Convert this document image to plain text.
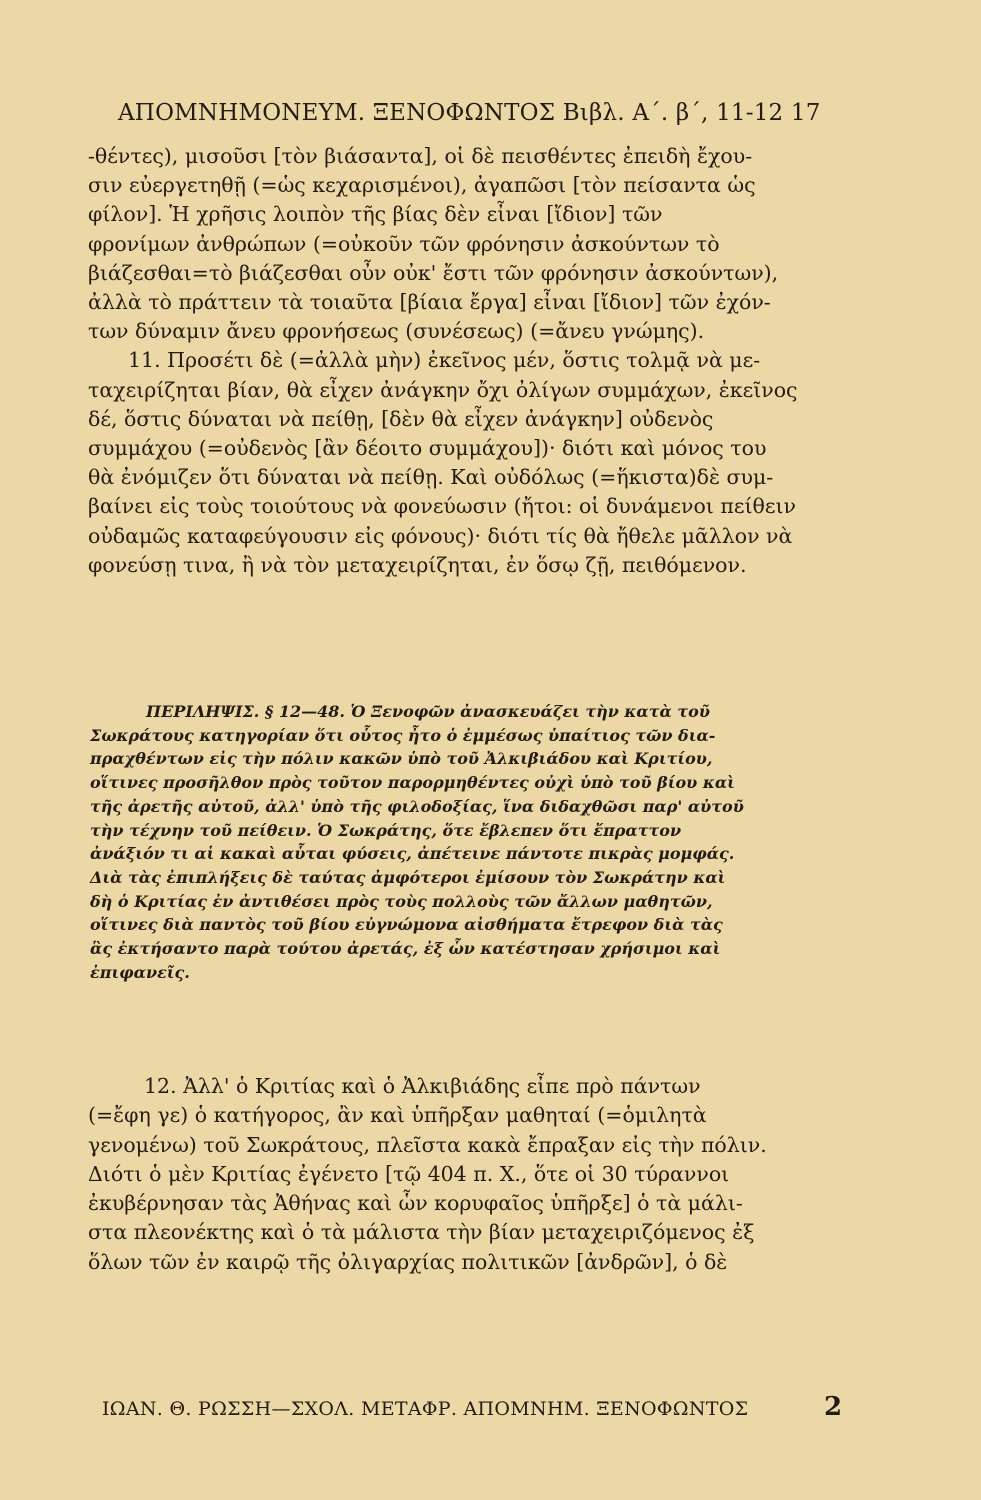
ΑΠΟΜΝΗΜΟΝΕΥΜ. ΞΕΝΟΦΩΝΤΟΣ Βιβλ. Α΄. β΄, 11-12 17
-θέντες), μισοῦσι [τὸν βιάσαντα], οἱ δὲ πεισθέντες ἐπειδὴ ἔχου-
σιν εὐεργετηθῇ (=ὡς κεχαρισμένοι), ἀγαπῶσι [τὸν πείσαντα ὡς
φίλον]. Ἡ χρῆσις λοιπὸν τῆς βίας δὲν εἶναι [ἴδιον] τῶν
φρονίμων ἀνθρώπων (=οὐκοῦν τῶν φρόνησιν ἀσκούντων τὸ
βιάζεσθαι=τὸ βιάζεσθαι οὖν οὐκ' ἔστι τῶν φρόνησιν ἀσκούντων),
ἀλλὰ τὸ πράττειν τὰ τοιαῦτα [βίαια ἔργα] εἶναι [ἴδιον] τῶν ἐχόν-
των δύναμιν ἄνευ φρονήσεως (συνέσεως) (=ἄνευ γνώμης).
11. Προσέτι δὲ (=ἀλλὰ μὴν) ἐκεῖνος μέν, ὅστις τολμᾷ νὰ με-
ταχειρίζηται βίαν, θὰ εἶχεν ἀνάγκην ὄχι ὀλίγων συμμάχων, ἐκεῖνος
δέ, ὅστις δύναται νὰ πείθῃ, [δὲν θὰ εἶχεν ἀνάγκην] οὐδενὸς
συμμάχου (=οὐδενὸς [ἂν δέοιτο συμμάχου])· διότι καὶ μόνος του
θὰ ἐνόμιζεν ὅτι δύναται νὰ πείθῃ. Καὶ οὐδόλως (=ἥκιστα)δὲ συμ-
βαίνει εἰς τοὺς τοιούτους νὰ φονεύωσιν (ἤτοι: οἱ δυνάμενοι πείθειν
οὐδαμῶς καταφεύγουσιν εἰς φόνους)· διότι τίς θὰ ἤθελε μᾶλλον νὰ
φονεύσῃ τινα, ἢ νὰ τὸν μεταχειρίζηται, ἐν ὅσῳ ζῇ, πειθόμενον.
ΠΕΡΙΛΗΨΙΣ. § 12—48. Ὁ Ξενοφῶν ἀνασκευάζει τὴν κατὰ τοῦ
Σωκράτους κατηγορίαν ὅτι οὗτος ἦτο ὁ ἐμμέσως ὑπαίτιος τῶν δια-
πραχθέντων εἰς τὴν πόλιν κακῶν ὑπὸ τοῦ Ἀλκιβιάδου καὶ Κριτίου,
οἵτινες προσῆλθον πρὸς τοῦτον παρορμηθέντες οὐχὶ ὑπὸ τοῦ βίου καὶ
τῆς ἀρετῆς αὐτοῦ, ἀλλ' ὑπὸ τῆς φιλοδοξίας, ἵνα διδαχθῶσι παρ' αὐτοῦ
τὴν τέχνην τοῦ πείθειν. Ὁ Σωκράτης, ὅτε ἔβλεπεν ὅτι ἔπραττον
ἀνάξιόν τι αἱ κακαὶ αὗται φύσεις, ἀπέτεινε πάντοτε πικρὰς μομφάς.
Διὰ τὰς ἐπιπλήξεις δὲ ταύτας ἀμφότεροι ἐμίσουν τὸν Σωκράτην καὶ
δὴ ὁ Κριτίας ἐν ἀντιθέσει πρὸς τοὺς πολλοὺς τῶν ἄλλων μαθητῶν,
οἵτινες διὰ παντὸς τοῦ βίου εὐγνώμονα αἰσθήματα ἔτρεφον διὰ τὰς
ἃς ἐκτήσαντο παρὰ τούτου ἀρετάς, ἐξ ὧν κατέστησαν χρήσιμοι καὶ
ἐπιφανεῖς.
12. Ἀλλ' ὁ Κριτίας καὶ ὁ Ἀλκιβιάδης εἶπε πρὸ πάντων
(=ἔφη γε) ὁ κατήγορος, ἂν καὶ ὑπῆρξαν μαθηταί (=ὁμιλητὰ
γενομένω) τοῦ Σωκράτους, πλεῖστα κακὰ ἔπραξαν εἰς τὴν πόλιν.
Διότι ὁ μὲν Κριτίας ἐγένετο [τῷ 404 π. Χ., ὅτε οἱ 30 τύραννοι
ἐκυβέρνησαν τὰς Ἀθήνας καὶ ὧν κορυφαῖος ὑπῆρξε] ὁ τὰ μάλι-
στα πλεονέκτης καὶ ὁ τὰ μάλιστα τὴν βίαν μεταχειριζόμενος ἐξ
ὅλων τῶν ἐν καιρῷ τῆς ὀλιγαρχίας πολιτικῶν [ἀνδρῶν], ὁ δὲ
ΙΩΑΝ. Θ. ΡΩΣΣΗ—ΣΧΟΛ. ΜΕΤΑΦΡ. ΑΠΟΜΝΗΜ. ΞΕΝΟΦΩΝΤΟΣ	2
